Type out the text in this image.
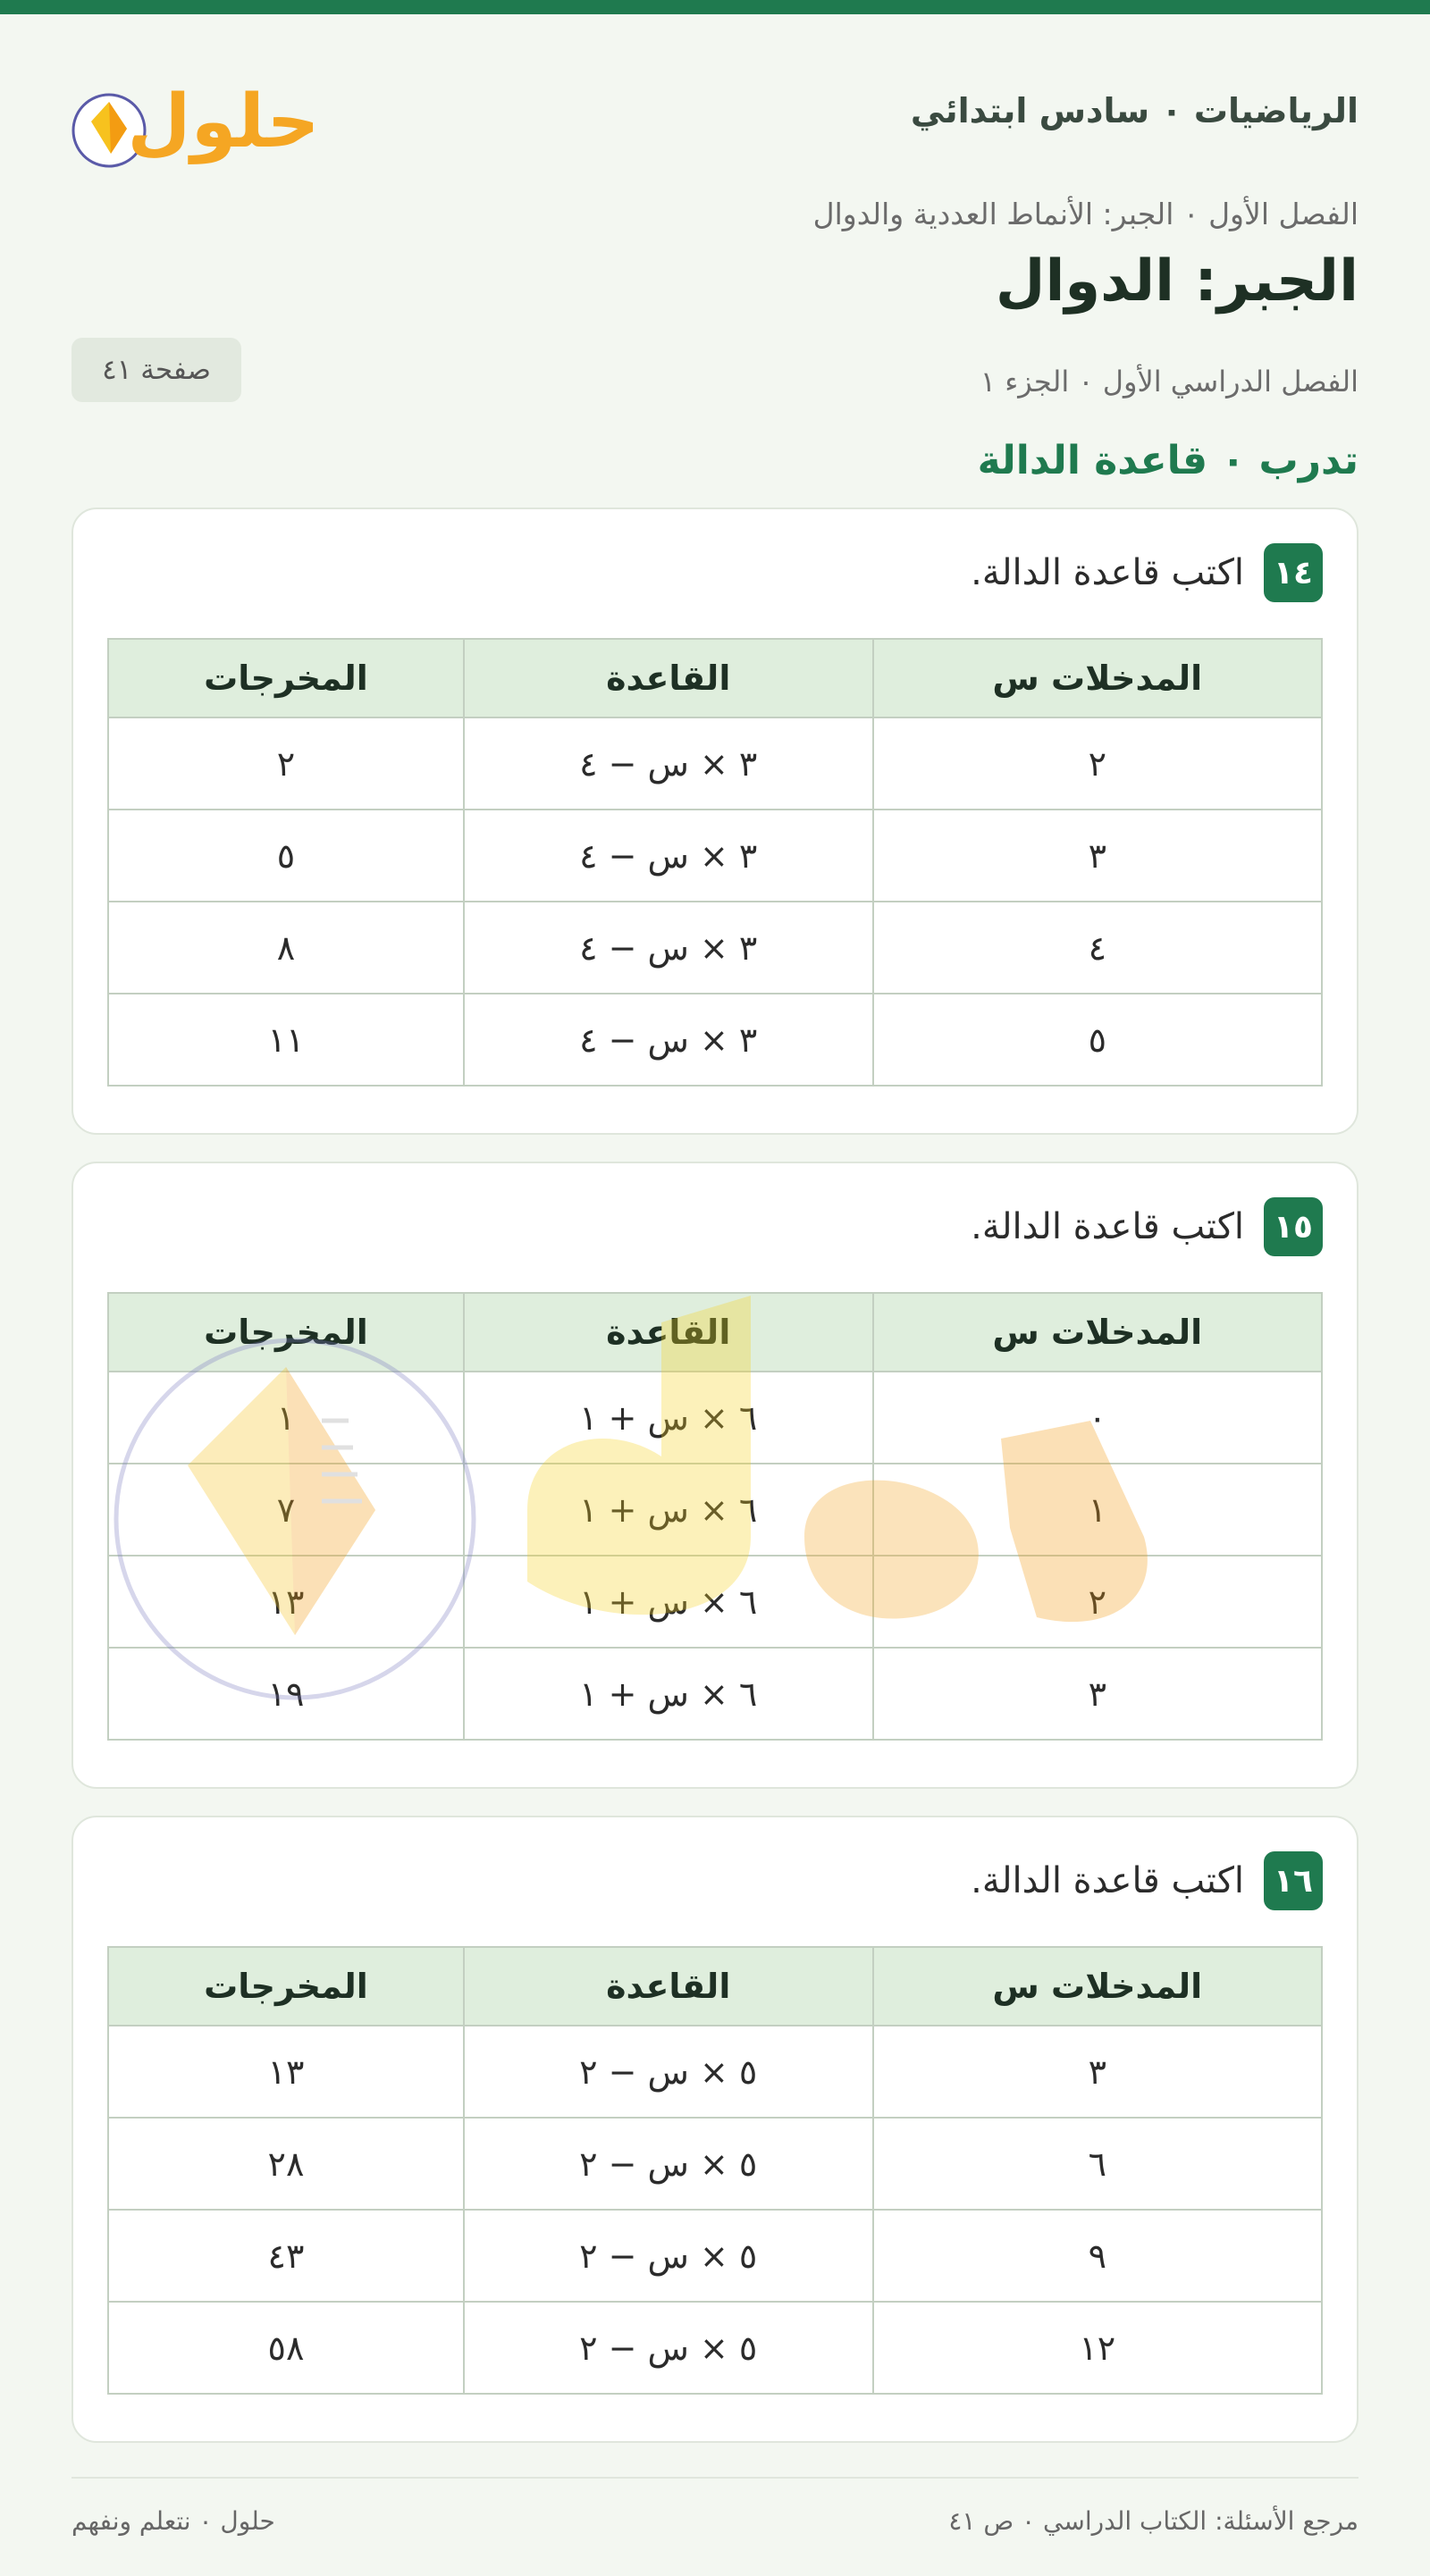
الرياضيات ٠ سادس ابتدائي
حلول
الفصل الأول ٠ الجبر: الأنماط العددية والدوال
الجبر: الدوال
الفصل الدراسي الأول ٠ الجزء ١
صفحة ٤١
تدرب ٠ قاعدة الدالة
١٤
اكتب قاعدة الدالة.
المدخلات س	القاعدة	المخرجات
٢	٣ × س − ٤	٢
٣	٣ × س − ٤	٥
٤	٣ × س − ٤	٨
٥	٣ × س − ٤	١١
١٥
اكتب قاعدة الدالة.
المدخلات س	القاعدة	المخرجات
٠	٦ × س + ١	١
١	٦ × س + ١	٧
٢	٦ × س + ١	١٣
٣	٦ × س + ١	١٩
١٦
اكتب قاعدة الدالة.
المدخلات س	القاعدة	المخرجات
٣	٥ × س − ٢	١٣
٦	٥ × س − ٢	٢٨
٩	٥ × س − ٢	٤٣
١٢	٥ × س − ٢	٥٨
مرجع الأسئلة: الكتاب الدراسي ٠ ص ٤١
حلول ٠ نتعلم ونفهم
